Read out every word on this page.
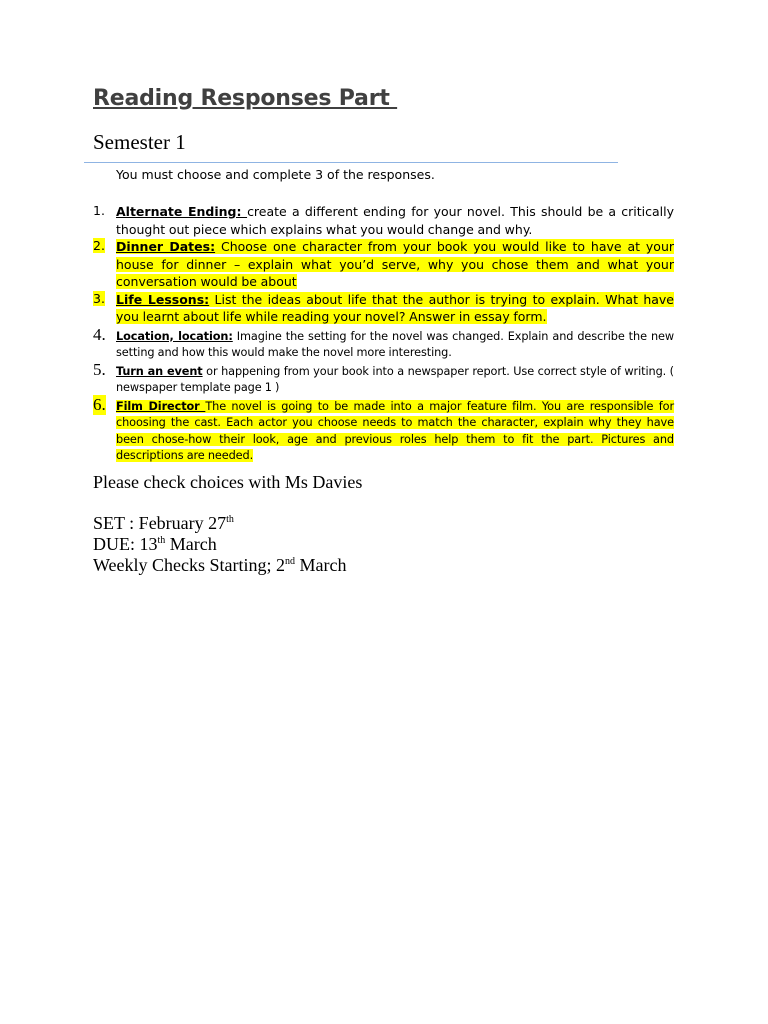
Reading Responses Part
Semester 1
You must choose and complete 3 of the responses.
1. Alternate Ending: create a different ending for your novel. This should be a critically thought out piece which explains what you would change and why.
2. Dinner Dates: Choose one character from your book you would like to have at your house for dinner – explain what you’d serve, why you chose them and what your conversation would be about
3. Life Lessons: List the ideas about life that the author is trying to explain. What have you learnt about life while reading your novel? Answer in essay form.
4. Location, location: Imagine the setting for the novel was changed. Explain and describe the new setting and how this would make the novel more interesting.
5. Turn an event or happening from your book into a newspaper report. Use correct style of writing. ( newspaper template page 1 )
6. Film Director The novel is going to be made into a major feature film. You are responsible for choosing the cast. Each actor you choose needs to match the character, explain why they have been chose-how their look, age and previous roles help them to fit the part. Pictures and descriptions are needed.
Please check choices with Ms Davies
SET : February 27th
DUE: 13th March
Weekly Checks Starting; 2nd March
